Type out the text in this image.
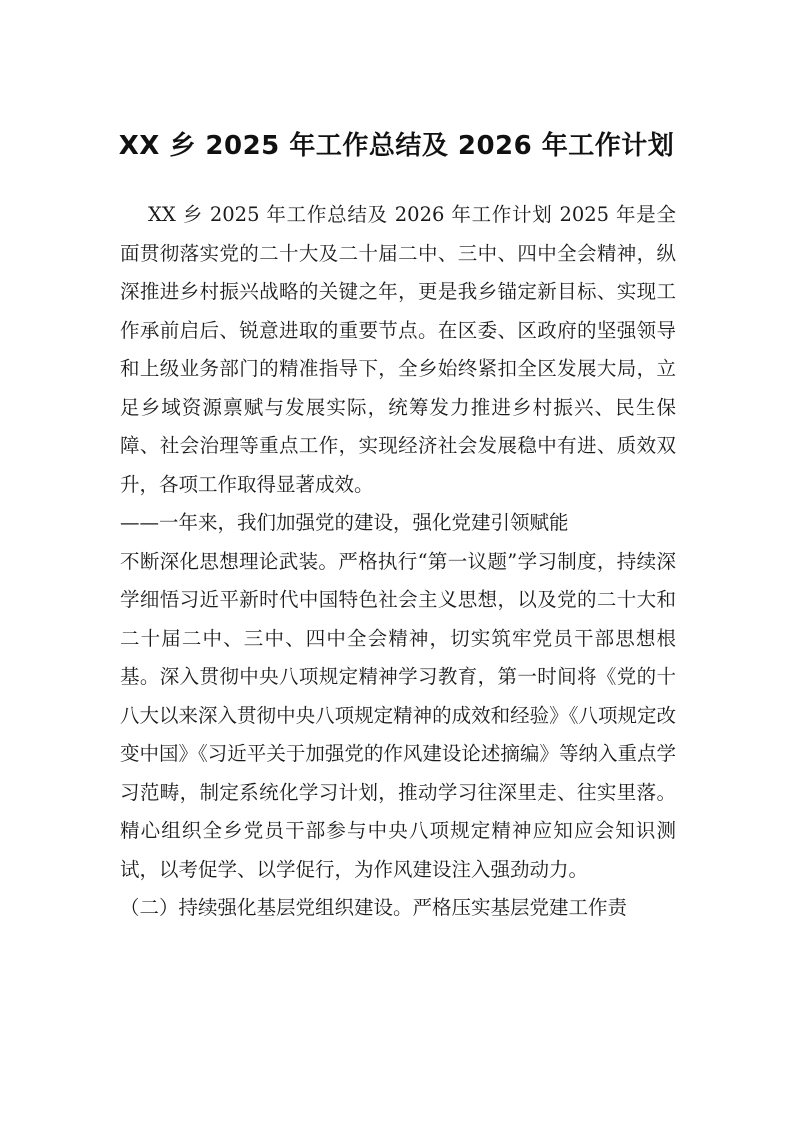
XX 乡 2025 年工作总结及 2026 年工作计划

XX 乡 2025 年工作总结及 2026 年工作计划 2025 年是全面贯彻落实党的二十大及二十届二中、三中、四中全会精神，纵深推进乡村振兴战略的关键之年，更是我乡锚定新目标、实现工作承前启后、锐意进取的重要节点。在区委、区政府的坚强领导和上级业务部门的精准指导下，全乡始终紧扣全区发展大局，立足乡域资源禀赋与发展实际，统筹发力推进乡村振兴、民生保障、社会治理等重点工作，实现经济社会发展稳中有进、质效双升，各项工作取得显著成效。

——一年来，我们加强党的建设，强化党建引领赋能

不断深化思想理论武装。严格执行“第一议题”学习制度，持续深学细悟习近平新时代中国特色社会主义思想，以及党的二十大和二十届二中、三中、四中全会精神，切实筑牢党员干部思想根基。深入贯彻中央八项规定精神学习教育，第一时间将《党的十八大以来深入贯彻中央八项规定精神的成效和经验》《八项规定改变中国》《习近平关于加强党的作风建设论述摘编》等纳入重点学习范畴，制定系统化学习计划，推动学习往深里走、往实里落。精心组织全乡党员干部参与中央八项规定精神应知应会知识测试，以考促学、以学促行，为作风建设注入强劲动力。

（二）持续强化基层党组织建设。严格压实基层党建工作责
